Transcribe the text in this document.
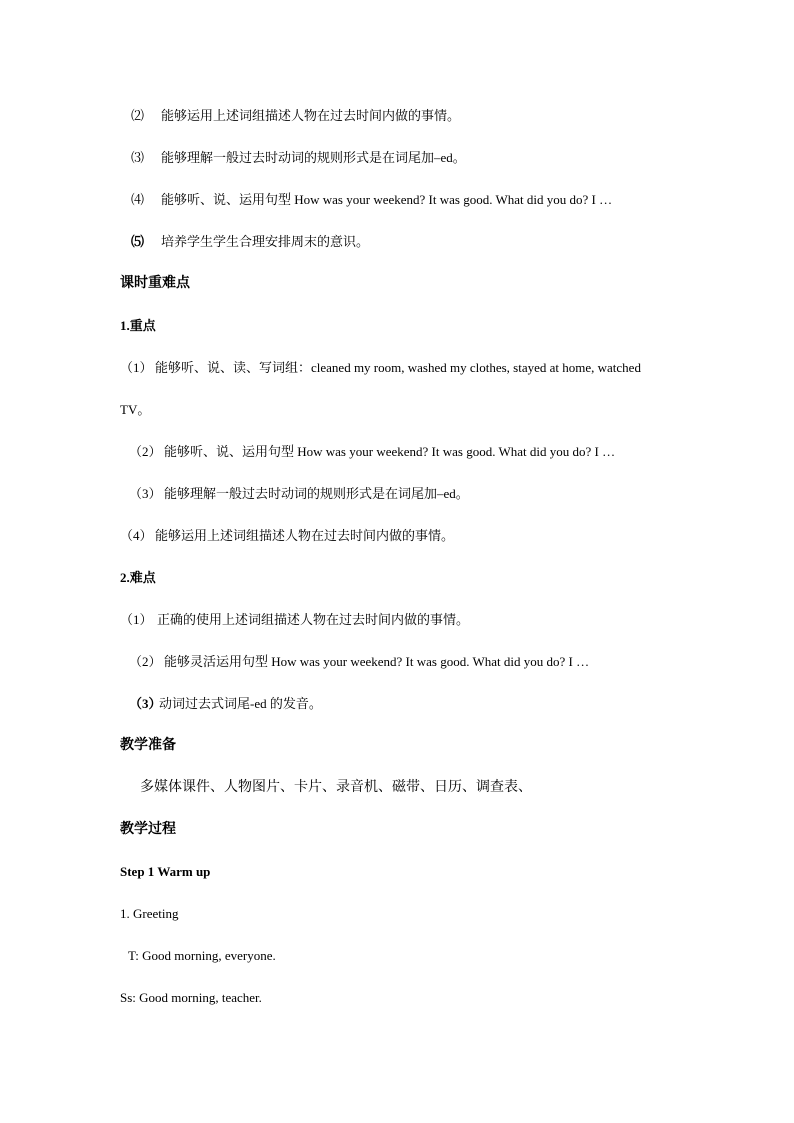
⑵ 能够运用上述词组描述人物在过去时间内做的事情。
⑶ 能够理解一般过去时动词的规则形式是在词尾加–ed。
⑷ 能够听、说、运用句型 How was your weekend? It was good. What did you do? I …
⑸ 培养学生学生合理安排周末的意识。
课时重难点
1.重点
（1） 能够听、说、读、写词组：cleaned my room, washed my clothes, stayed at home, watched
TV。
（2） 能够听、说、运用句型 How was your weekend? It was good. What did you do? I …
（3） 能够理解一般过去时动词的规则形式是在词尾加–ed。
（4） 能够运用上述词组描述人物在过去时间内做的事情。
2.难点
（1） 正确的使用上述词组描述人物在过去时间内做的事情。
（2） 能够灵活运用句型 How was your weekend? It was good. What did you do? I …
（3）动词过去式词尾-ed 的发音。
教学准备
多媒体课件、人物图片、卡片、录音机、磁带、日历、调查表、
教学过程
Step 1 Warm up
1. Greeting
T: Good morning, everyone.
Ss: Good morning, teacher.
